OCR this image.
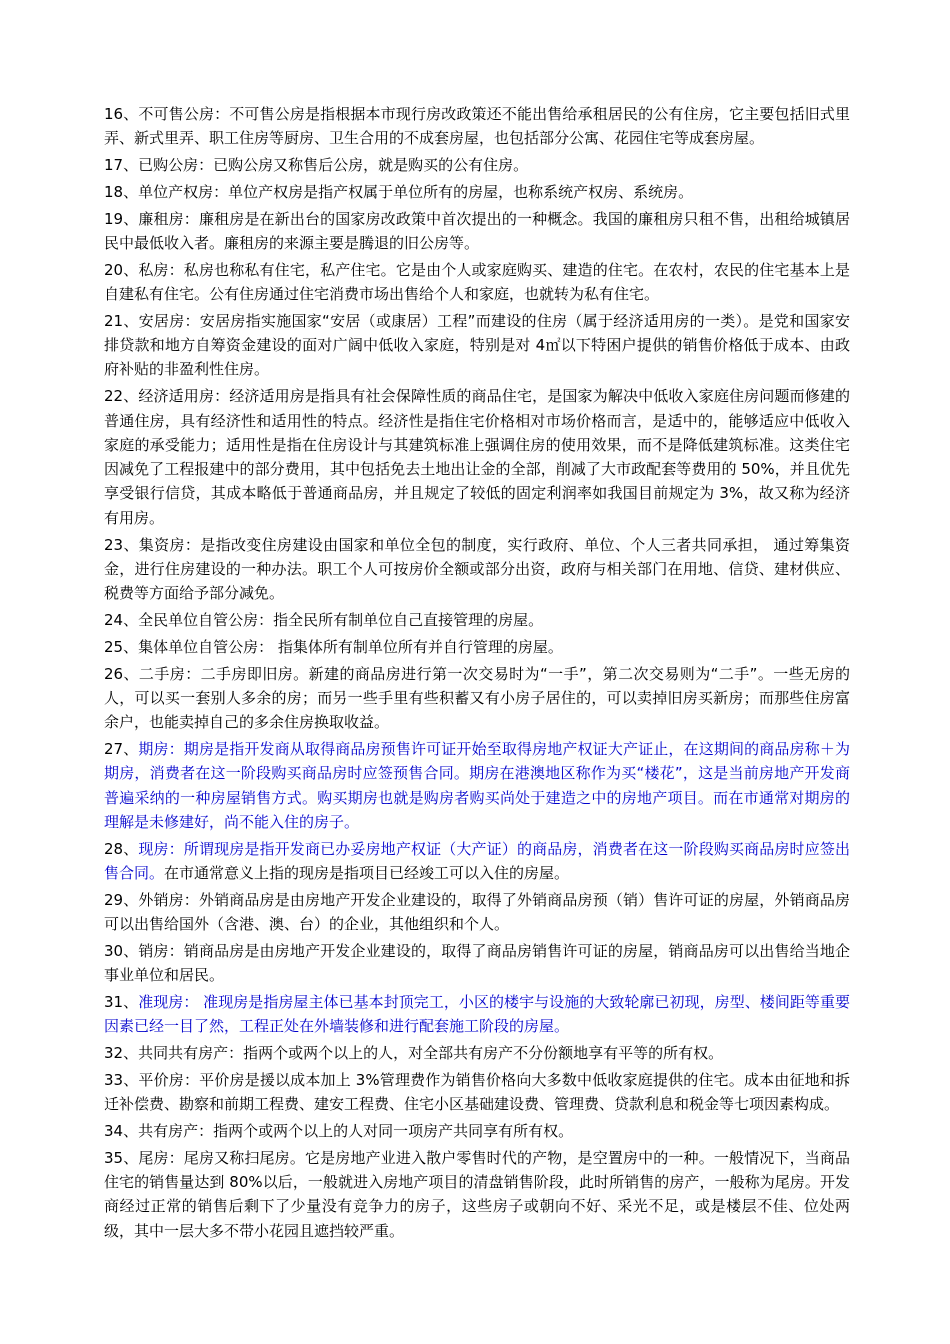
16、不可售公房：不可售公房是指根据本市现行房改政策还不能出售给承租居民的公有住房，它主要包括旧式里弄、新式里弄、职工住房等厨房、卫生合用的不成套房屋，也包括部分公寓、花园住宅等成套房屋。

17、已购公房：已购公房又称售后公房，就是购买的公有住房。

18、单位产权房：单位产权房是指产权属于单位所有的房屋，也称系统产权房、系统房。

19、廉租房：廉租房是在新出台的国家房改政策中首次提出的一种概念。我国的廉租房只租不售，出租给城镇居民中最低收入者。廉租房的来源主要是腾退的旧公房等。

20、私房：私房也称私有住宅，私产住宅。它是由个人或家庭购买、建造的住宅。在农村，农民的住宅基本上是自建私有住宅。公有住房通过住宅消费市场出售给个人和家庭，也就转为私有住宅。

21、安居房：安居房指实施国家“安居（或康居）工程”而建设的住房（属于经济适用房的一类）。是党和国家安排贷款和地方自筹资金建设的面对广阔中低收入家庭，特别是对 4㎡以下特困户提供的销售价格低于成本、由政府补贴的非盈利性住房。

22、经济适用房：经济适用房是指具有社会保障性质的商品住宅，是国家为解决中低收入家庭住房问题而修建的普通住房，具有经济性和适用性的特点。经济性是指住宅价格相对市场价格而言，是适中的，能够适应中低收入家庭的承受能力；适用性是指在住房设计与其建筑标准上强调住房的使用效果，而不是降低建筑标准。这类住宅因减免了工程报建中的部分费用，其中包括免去土地出让金的全部，削减了大市政配套等费用的 50%，并且优先享受银行信贷，其成本略低于普通商品房，并且规定了较低的固定利润率如我国目前规定为 3%，故又称为经济有用房。

23、集资房：是指改变住房建设由国家和单位全包的制度，实行政府、单位、个人三者共同承担， 通过筹集资金，进行住房建设的一种办法。职工个人可按房价全额或部分出资，政府与相关部门在用地、信贷、建材供应、税费等方面给予部分减免。

24、全民单位自管公房：指全民所有制单位自己直接管理的房屋。

25、集体单位自管公房： 指集体所有制单位所有并自行管理的房屋。

26、二手房：二手房即旧房。新建的商品房进行第一次交易时为“一手”，第二次交易则为“二手”。一些无房的人，可以买一套别人多余的房；而另一些手里有些积蓄又有小房子居住的，可以卖掉旧房买新房；而那些住房富余户，也能卖掉自己的多余住房换取收益。

27、期房：期房是指开发商从取得商品房预售许可证开始至取得房地产权证大产证止，在这期间的商品房称＋为期房，消费者在这一阶段购买商品房时应签预售合同。期房在港澳地区称作为买“楼花”，这是当前房地产开发商普遍采纳的一种房屋销售方式。购买期房也就是购房者购买尚处于建造之中的房地产项目。而在市通常对期房的理解是未修建好，尚不能入住的房子。

28、现房：所谓现房是指开发商已办妥房地产权证（大产证）的商品房，消费者在这一阶段购买商品房时应签出售合同。在市通常意义上指的现房是指项目已经竣工可以入住的房屋。

29、外销房：外销商品房是由房地产开发企业建设的，取得了外销商品房预（销）售许可证的房屋，外销商品房可以出售给国外（含港、澳、台）的企业，其他组织和个人。

30、销房：销商品房是由房地产开发企业建设的，取得了商品房销售许可证的房屋，销商品房可以出售给当地企事业单位和居民。

31、准现房： 准现房是指房屋主体已基本封顶完工，小区的楼宇与设施的大致轮廓已初现，房型、楼间距等重要因素已经一目了然，工程正处在外墙装修和进行配套施工阶段的房屋。

32、共同共有房产：指两个或两个以上的人，对全部共有房产不分份额地享有平等的所有权。

33、平价房：平价房是援以成本加上 3%管理费作为销售价格向大多数中低收家庭提供的住宅。成本由征地和拆迁补偿费、勘察和前期工程费、建安工程费、住宅小区基础建设费、管理费、贷款利息和税金等七项因素构成。

34、共有房产：指两个或两个以上的人对同一项房产共同享有所有权。

35、尾房：尾房又称扫尾房。它是房地产业进入散户零售时代的产物，是空置房中的一种。一般情况下，当商品住宅的销售量达到 80%以后，一般就进入房地产项目的清盘销售阶段，此时所销售的房产，一般称为尾房。开发商经过正常的销售后剩下了少量没有竞争力的房子，这些房子或朝向不好、采光不足，或是楼层不佳、位处两级，其中一层大多不带小花园且遮挡较严重。
